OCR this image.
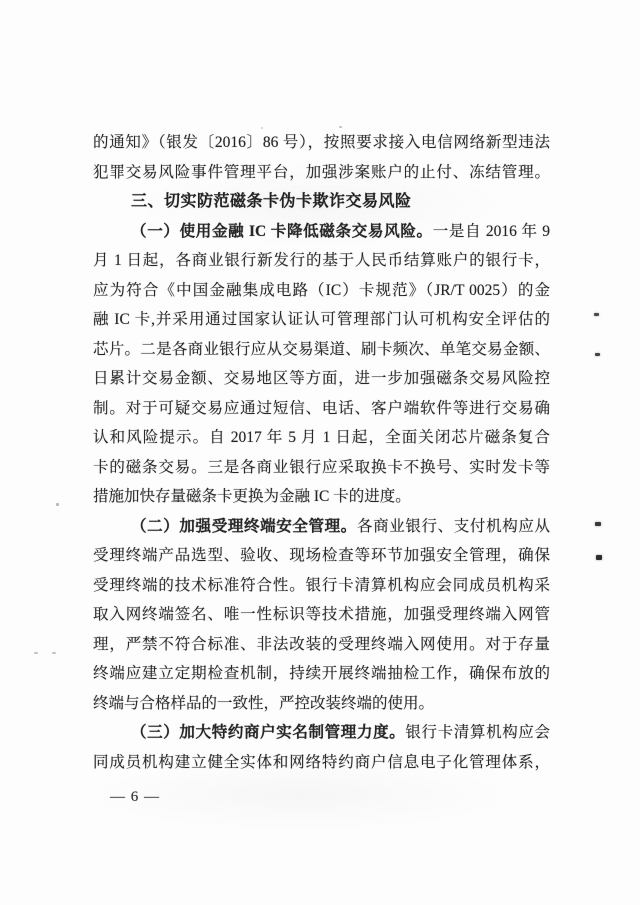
的通知》（银发〔2016〕86 号），按照要求接入电信网络新型违法
犯罪交易风险事件管理平台，加强涉案账户的止付、冻结管理。
三、切实防范磁条卡伪卡欺诈交易风险
（一）使用金融 IC 卡降低磁条交易风险。一是自 2016 年 9
月 1 日起，各商业银行新发行的基于人民币结算账户的银行卡，
应为符合《中国金融集成电路（IC）卡规范》（JR/T 0025）的金
融 IC 卡,并采用通过国家认证认可管理部门认可机构安全评估的
芯片。二是各商业银行应从交易渠道、刷卡频次、单笔交易金额、
日累计交易金额、交易地区等方面，进一步加强磁条交易风险控
制。对于可疑交易应通过短信、电话、客户端软件等进行交易确
认和风险提示。自 2017 年 5 月 1 日起，全面关闭芯片磁条复合
卡的磁条交易。三是各商业银行应采取换卡不换号、实时发卡等
措施加快存量磁条卡更换为金融 IC 卡的进度。
（二）加强受理终端安全管理。各商业银行、支付机构应从
受理终端产品选型、验收、现场检查等环节加强安全管理，确保
受理终端的技术标准符合性。银行卡清算机构应会同成员机构采
取入网终端签名、唯一性标识等技术措施，加强受理终端入网管
理，严禁不符合标准、非法改装的受理终端入网使用。对于存量
终端应建立定期检查机制，持续开展终端抽检工作，确保布放的
终端与合格样品的一致性，严控改装终端的使用。
（三）加大特约商户实名制管理力度。银行卡清算机构应会
同成员机构建立健全实体和网络特约商户信息电子化管理体系，
— 6 —
